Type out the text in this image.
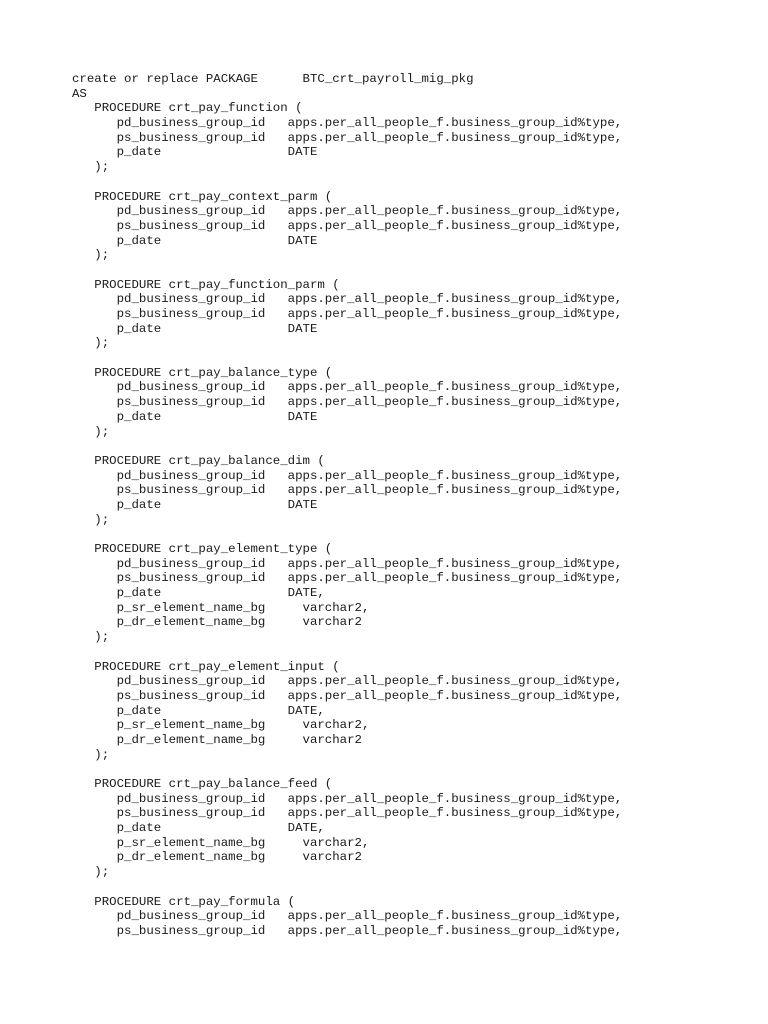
create or replace PACKAGE      BTC_crt_payroll_mig_pkg
AS
PROCEDURE crt_pay_function (
pd_business_group_id   apps.per_all_people_f.business_group_id%type,
ps_business_group_id   apps.per_all_people_f.business_group_id%type,
p_date                 DATE
);
PROCEDURE crt_pay_context_parm (
pd_business_group_id   apps.per_all_people_f.business_group_id%type,
ps_business_group_id   apps.per_all_people_f.business_group_id%type,
p_date                 DATE
);
PROCEDURE crt_pay_function_parm (
pd_business_group_id   apps.per_all_people_f.business_group_id%type,
ps_business_group_id   apps.per_all_people_f.business_group_id%type,
p_date                 DATE
);
PROCEDURE crt_pay_balance_type (
pd_business_group_id   apps.per_all_people_f.business_group_id%type,
ps_business_group_id   apps.per_all_people_f.business_group_id%type,
p_date                 DATE
);
PROCEDURE crt_pay_balance_dim (
pd_business_group_id   apps.per_all_people_f.business_group_id%type,
ps_business_group_id   apps.per_all_people_f.business_group_id%type,
p_date                 DATE
);
PROCEDURE crt_pay_element_type (
pd_business_group_id   apps.per_all_people_f.business_group_id%type,
ps_business_group_id   apps.per_all_people_f.business_group_id%type,
p_date                 DATE,
p_sr_element_name_bg     varchar2,
p_dr_element_name_bg     varchar2
);
PROCEDURE crt_pay_element_input (
pd_business_group_id   apps.per_all_people_f.business_group_id%type,
ps_business_group_id   apps.per_all_people_f.business_group_id%type,
p_date                 DATE,
p_sr_element_name_bg     varchar2,
p_dr_element_name_bg     varchar2
);
PROCEDURE crt_pay_balance_feed (
pd_business_group_id   apps.per_all_people_f.business_group_id%type,
ps_business_group_id   apps.per_all_people_f.business_group_id%type,
p_date                 DATE,
p_sr_element_name_bg     varchar2,
p_dr_element_name_bg     varchar2
);
PROCEDURE crt_pay_formula (
pd_business_group_id   apps.per_all_people_f.business_group_id%type,
ps_business_group_id   apps.per_all_people_f.business_group_id%type,
